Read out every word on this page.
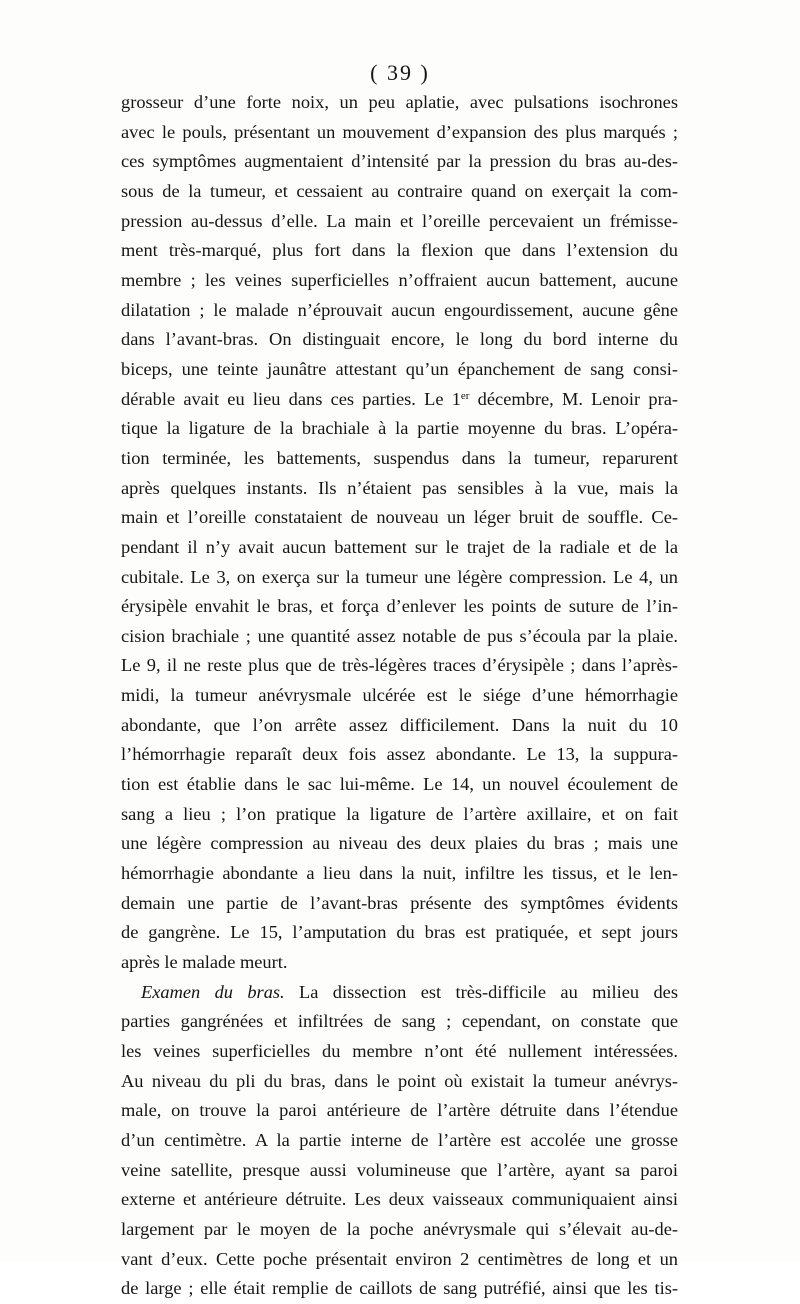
( 39 )
grosseur d’une forte noix, un peu aplatie, avec pulsations isochrones
avec le pouls, présentant un mouvement d’expansion des plus marqués ;
ces symptômes augmentaient d’intensité par la pression du bras au-des-
sous de la tumeur, et cessaient au contraire quand on exerçait la com-
pression au-dessus d’elle. La main et l’oreille percevaient un frémisse-
ment très-marqué, plus fort dans la flexion que dans l’extension du
membre ; les veines superficielles n’offraient aucun battement, aucune
dilatation ; le malade n’éprouvait aucun engourdissement, aucune gêne
dans l’avant-bras. On distinguait encore, le long du bord interne du
biceps, une teinte jaunâtre attestant qu’un épanchement de sang consi-
dérable avait eu lieu dans ces parties. Le 1er décembre, M. Lenoir pra-
tique la ligature de la brachiale à la partie moyenne du bras. L’opéra-
tion terminée, les battements, suspendus dans la tumeur, reparurent
après quelques instants. Ils n’étaient pas sensibles à la vue, mais la
main et l’oreille constataient de nouveau un léger bruit de souffle. Ce-
pendant il n’y avait aucun battement sur le trajet de la radiale et de la
cubitale. Le 3, on exerça sur la tumeur une légère compression. Le 4, un
érysipèle envahit le bras, et força d’enlever les points de suture de l’in-
cision brachiale ; une quantité assez notable de pus s’écoula par la plaie.
Le 9, il ne reste plus que de très-légères traces d’érysipèle ; dans l’après-
midi, la tumeur anévrysmale ulcérée est le siége d’une hémorrhagie
abondante, que l’on arrête assez difficilement. Dans la nuit du 10
l’hémorrhagie reparaît deux fois assez abondante. Le 13, la suppura-
tion est établie dans le sac lui-même. Le 14, un nouvel écoulement de
sang a lieu ; l’on pratique la ligature de l’artère axillaire, et on fait
une légère compression au niveau des deux plaies du bras ; mais une
hémorrhagie abondante a lieu dans la nuit, infiltre les tissus, et le len-
demain une partie de l’avant-bras présente des symptômes évidents
de gangrène. Le 15, l’amputation du bras est pratiquée, et sept jours
après le malade meurt.
Examen du bras. La dissection est très-difficile au milieu des
parties gangrénées et infiltrées de sang ; cependant, on constate que
les veines superficielles du membre n’ont été nullement intéressées.
Au niveau du pli du bras, dans le point où existait la tumeur anévrys-
male, on trouve la paroi antérieure de l’artère détruite dans l’étendue
d’un centimètre. A la partie interne de l’artère est accolée une grosse
veine satellite, presque aussi volumineuse que l’artère, ayant sa paroi
externe et antérieure détruite. Les deux vaisseaux communiquaient ainsi
largement par le moyen de la poche anévrysmale qui s’élevait au-de-
vant d’eux. Cette poche présentait environ 2 centimètres de long et un
de large ; elle était remplie de caillots de sang putréfié, ainsi que les tis-
